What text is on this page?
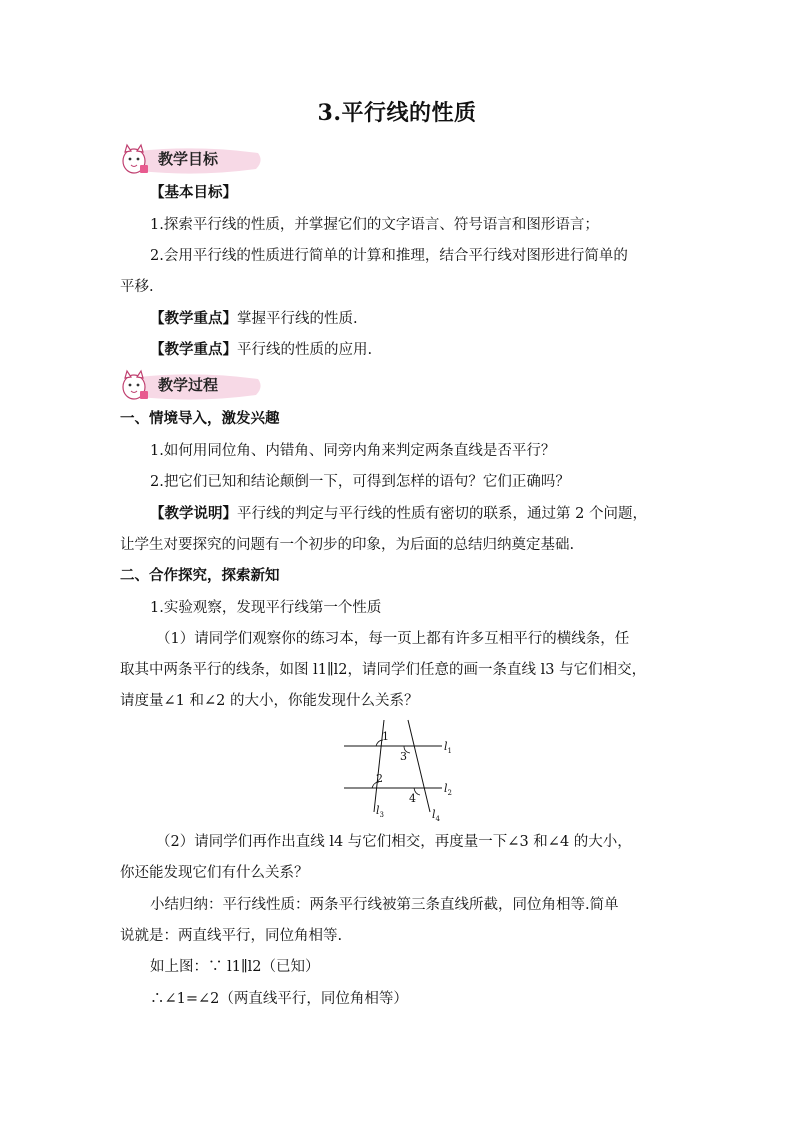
3.平行线的性质
教学目标
【基本目标】
1.探索平行线的性质，并掌握它们的文字语言、符号语言和图形语言；
2.会用平行线的性质进行简单的计算和推理，结合平行线对图形进行简单的
平移.
【教学重点】掌握平行线的性质.
【教学重点】平行线的性质的应用.
教学过程
一、情境导入，激发兴趣
1.如何用同位角、内错角、同旁内角来判定两条直线是否平行？
2.把它们已知和结论颠倒一下，可得到怎样的语句？它们正确吗？
【教学说明】平行线的判定与平行线的性质有密切的联系，通过第 2 个问题，
让学生对要探究的问题有一个初步的印象，为后面的总结归纳奠定基础.
二、合作探究，探索新知
1.实验观察，发现平行线第一个性质
（1）请同学们观察你的练习本，每一页上都有许多互相平行的横线条，任
取其中两条平行的线条，如图 l1∥l2，请同学们任意的画一条直线 l3 与它们相交，
请度量∠1 和∠2 的大小，你能发现什么关系？
1
2
3
4
$l_1$
$l_2$
$l_3$	$l_4$
（2）请同学们再作出直线 l4 与它们相交，再度量一下∠3 和∠4 的大小，
你还能发现它们有什么关系？
小结归纳：平行线性质：两条平行线被第三条直线所截，同位角相等.简单
说就是：两直线平行，同位角相等.
如上图：∵ l1∥l2（已知）
∴∠1=∠2（两直线平行，同位角相等）
